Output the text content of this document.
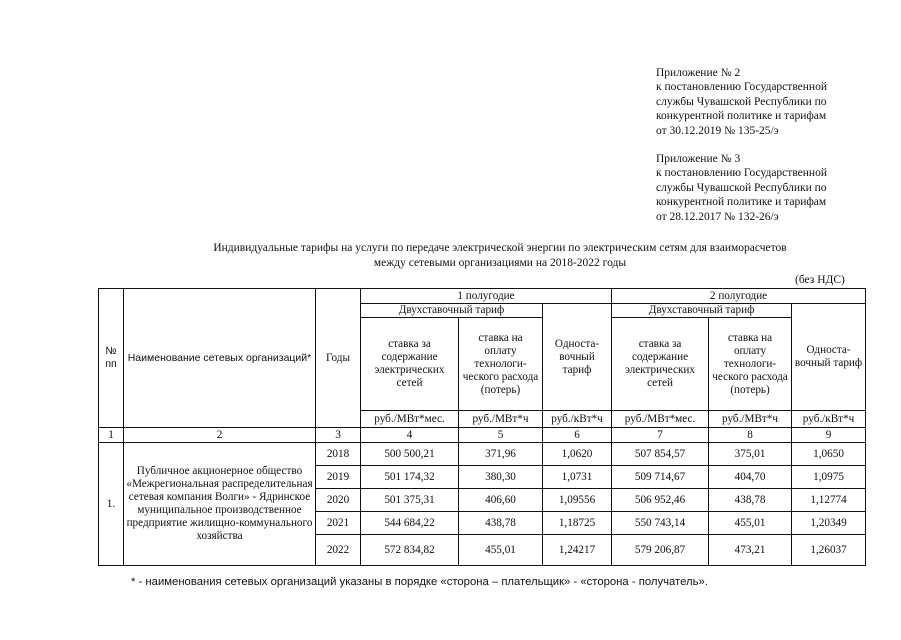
Приложение № 2
к постановлению Государственной
службы Чувашской Республики по
конкурентной политике и тарифам
от 30.12.2019 № 135-25/э
Приложение № 3
к постановлению Государственной
службы Чувашской Республики по
конкурентной политике и тарифам
от 28.12.2017 № 132-26/э
Индивидуальные тарифы на услуги по передаче электрической энергии по электрическим сетям для взаиморасчетов
между сетевыми организациями на 2018-2022 годы
(без НДС)
№ пп	Наименование сетевых организаций*	Годы	1 полугодие			2 полугодие		
			Двухставочный тариф		Односта-вочный тариф	Двухставочный тариф		Односта-вочный тариф
			ставка за содержание электрических сетей	ставка на оплату технологи-ческого расхода (потерь)		ставка за содержание электрических сетей	ставка на оплату технологи-ческого расхода (потерь)	
			руб./МВт*мес.	руб./МВт*ч	руб./кВт*ч	руб./МВт*мес.	руб./МВт*ч	руб./кВт*ч
1	2	3	4	5	6	7	8	9
1.	Публичное акционерное общество «Межрегиональная распределительная сетевая компания Волги» - Ядринское муниципальное производственное предприятие жилищно-коммунального хозяйства	2018	500 500,21	371,96	1,0620	507 854,57	375,01	1,0650
		2019	501 174,32	380,30	1,0731	509 714,67	404,70	1,0975
		2020	501 375,31	406,60	1,09556	506 952,46	438,78	1,12774
		2021	544 684,22	438,78	1,18725	550 743,14	455,01	1,20349
		2022	572 834,82	455,01	1,24217	579 206,87	473,21	1,26037
* - наименования сетевых организаций указаны в порядке «сторона – плательщик» - «сторона - получатель».
